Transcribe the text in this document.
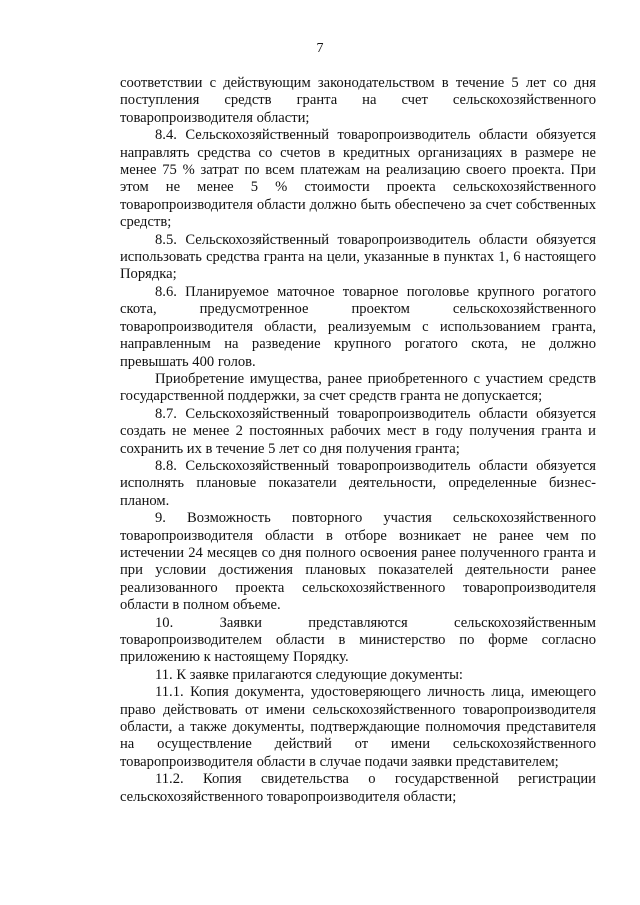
7

соответствии с действующим законодательством в течение 5 лет со дня поступления средств гранта на счет сельскохозяйственного товаропроизводителя области;

8.4. Сельскохозяйственный товаропроизводитель области обязуется направлять средства со счетов в кредитных организациях в размере не менее 75 % затрат по всем платежам на реализацию своего проекта. При этом не менее 5 % стоимости проекта сельскохозяйственного товаропроизводителя области должно быть обеспечено за счет собственных средств;

8.5. Сельскохозяйственный товаропроизводитель области обязуется использовать средства гранта на цели, указанные в пунктах 1, 6 настоящего Порядка;

8.6. Планируемое маточное товарное поголовье крупного рогатого скота, предусмотренное проектом сельскохозяйственного товаропроизводителя области, реализуемым с использованием гранта, направленным на разведение крупного рогатого скота, не должно превышать 400 голов.

Приобретение имущества, ранее приобретенного с участием средств государственной поддержки, за счет средств гранта не допускается;

8.7. Сельскохозяйственный товаропроизводитель области обязуется создать не менее 2 постоянных рабочих мест в году получения гранта и сохранить их в течение 5 лет со дня получения гранта;

8.8. Сельскохозяйственный товаропроизводитель области обязуется исполнять плановые показатели деятельности, определенные бизнес-планом.

9. Возможность повторного участия сельскохозяйственного товаропроизводителя области в отборе возникает не ранее чем по истечении 24 месяцев со дня полного освоения ранее полученного гранта и при условии достижения плановых показателей деятельности ранее реализованного проекта сельскохозяйственного товаропроизводителя области в полном объеме.

10. Заявки представляются сельскохозяйственным товаропроизводителем области в министерство по форме согласно приложению к настоящему Порядку.

11. К заявке прилагаются следующие документы:

11.1. Копия документа, удостоверяющего личность лица, имеющего право действовать от имени сельскохозяйственного товаропроизводителя области, а также документы, подтверждающие полномочия представителя на осуществление действий от имени сельскохозяйственного товаропроизводителя области в случае подачи заявки представителем;

11.2. Копия свидетельства о государственной регистрации сельскохозяйственного товаропроизводителя области;
